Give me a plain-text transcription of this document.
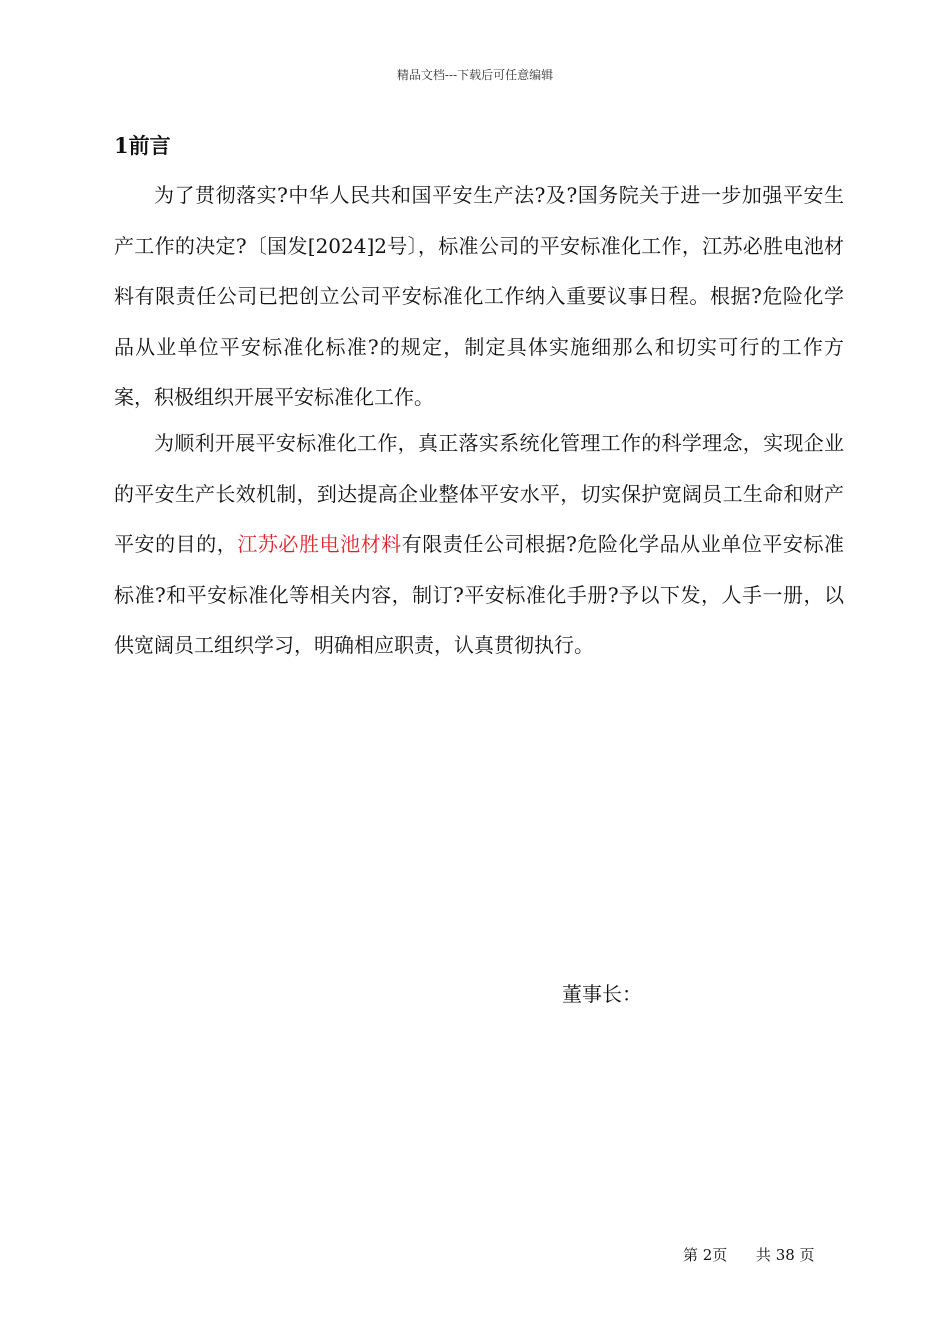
精品文档---下载后可任意编辑
1前言

为了贯彻落实?中华人民共和国平安生产法?及?国务院关于进一步加强平安生产工作的决定?〔国发[2024]2号〕，标准公司的平安标准化工作，江苏必胜电池材料有限责任公司已把创立公司平安标准化工作纳入重要议事日程。根据?危险化学品从业单位平安标准化标准?的规定，制定具体实施细那么和切实可行的工作方案，积极组织开展平安标准化工作。

为顺利开展平安标准化工作，真正落实系统化管理工作的科学理念，实现企业的平安生产长效机制，到达提高企业整体平安水平，切实保护宽阔员工生命和财产平安的目的，江苏必胜电池材料有限责任公司根据?危险化学品从业单位平安标准标准?和平安标准化等相关内容，制订?平安标准化手册?予以下发，人手一册，以供宽阔员工组织学习，明确相应职责，认真贯彻执行。

董事长：
第 2页 共 38 页
